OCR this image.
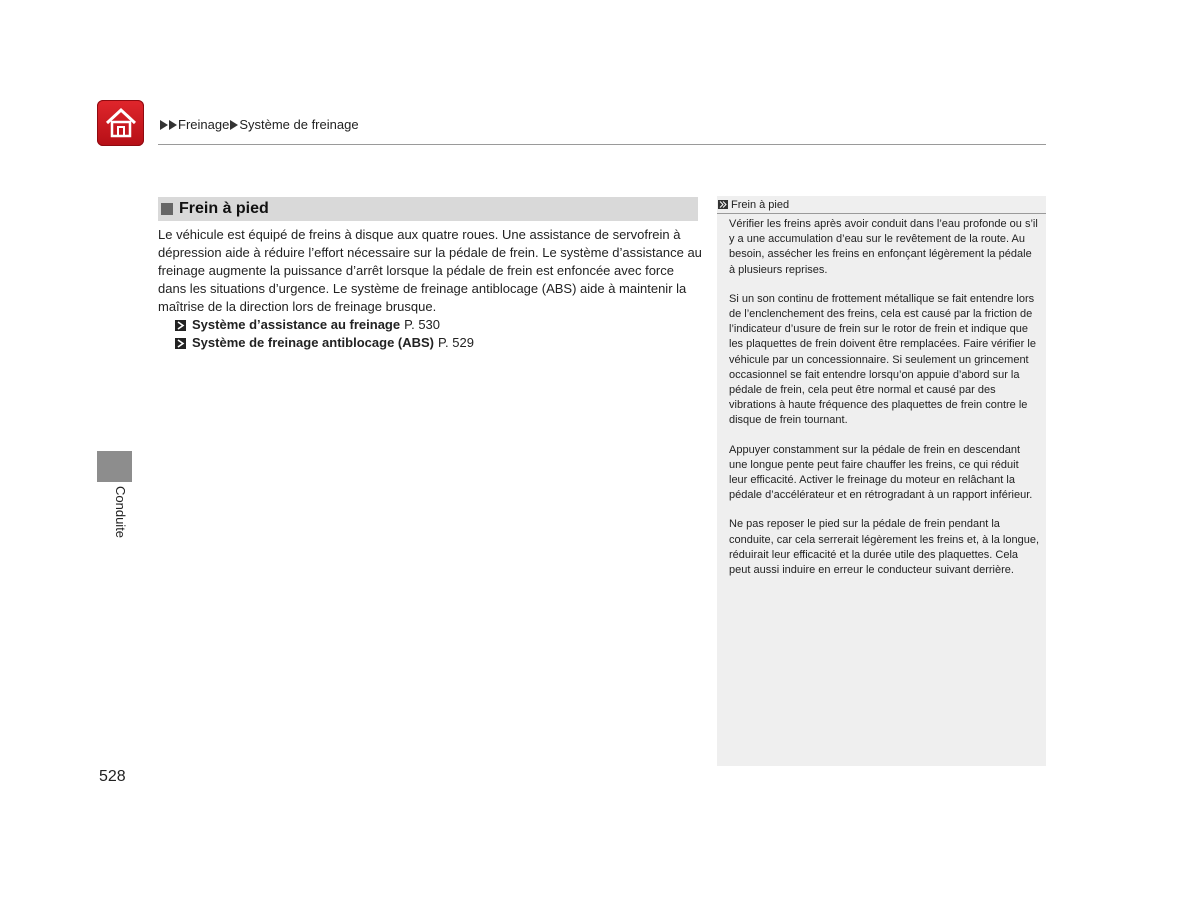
Freinage Système de freinage
Frein à pied
Le véhicule est équipé de freins à disque aux quatre roues. Une assistance de servofrein à dépression aide à réduire l’effort nécessaire sur la pédale de frein. Le système d’assistance au freinage augmente la puissance d’arrêt lorsque la pédale de frein est enfoncée avec force dans les situations d’urgence. Le système de freinage antiblocage (ABS) aide à maintenir la maîtrise de la direction lors de freinage brusque.
Système d’assistance au freinage P. 530
Système de freinage antiblocage (ABS) P. 529
Conduite
528
Frein à pied

Vérifier les freins après avoir conduit dans l’eau profonde ou s’il y a une accumulation d’eau sur le revêtement de la route. Au besoin, assécher les freins en enfonçant légèrement la pédale à plusieurs reprises.

Si un son continu de frottement métallique se fait entendre lors de l’enclenchement des freins, cela est causé par la friction de l’indicateur d’usure de frein sur le rotor de frein et indique que les plaquettes de frein doivent être remplacées. Faire vérifier le véhicule par un concessionnaire. Si seulement un grincement occasionnel se fait entendre lorsqu’on appuie d’abord sur la pédale de frein, cela peut être normal et causé par des vibrations à haute fréquence des plaquettes de frein contre le disque de frein tournant.

Appuyer constamment sur la pédale de frein en descendant une longue pente peut faire chauffer les freins, ce qui réduit leur efficacité. Activer le freinage du moteur en relâchant la pédale d’accélérateur et en rétrogradant à un rapport inférieur.

Ne pas reposer le pied sur la pédale de frein pendant la conduite, car cela serrerait légèrement les freins et, à la longue, réduirait leur efficacité et la durée utile des plaquettes. Cela peut aussi induire en erreur le conducteur suivant derrière.
